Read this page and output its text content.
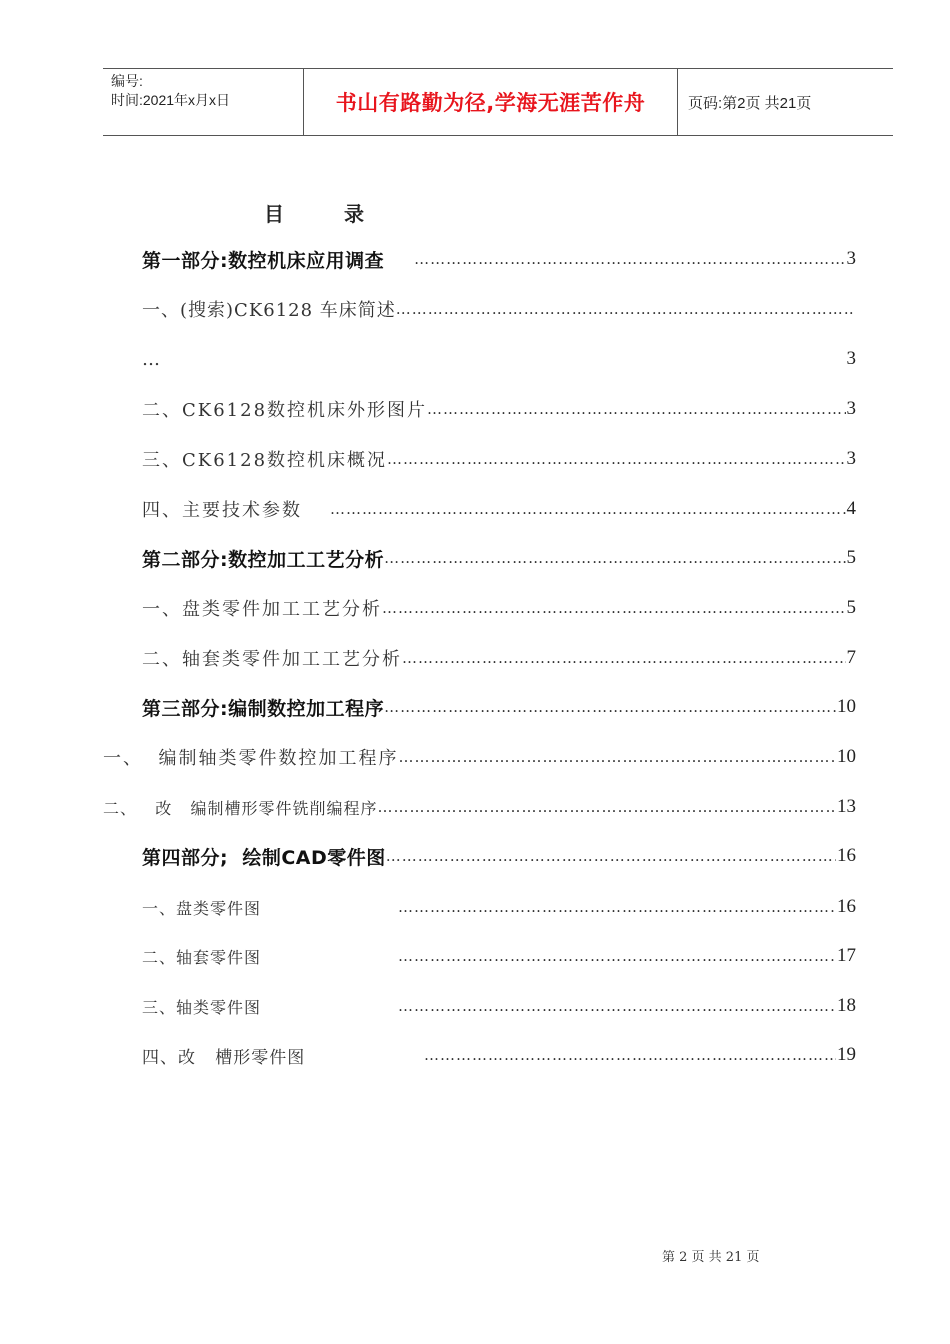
编号:
时间:2021年x月x日	书山有路勤为径,学海无涯苦作舟	页码:第2页 共21页
目	录
第一部分:数控机床应用调查 ……………………………………………………………………………………………………………………………………………	3
一、(搜索)CK6128 车床简述
……………………………………………………………………………………………………………………………………………
…	3
二、CK6128数控机床外形图片 ……………………………………………………………………………………………………………………………………………	3
三、CK6128数控机床概况 ……………………………………………………………………………………………………………………………………………	3
四、主要技术参数 ……………………………………………………………………………………………………………………………………………	4
第二部分:数控加工工艺分析 ……………………………………………………………………………………………………………………………………………	5
一、盘类零件加工工艺分析 ……………………………………………………………………………………………………………………………………………	5
二、轴套类零件加工工艺分析 ……………………………………………………………………………………………………………………………………………	7
第三部分:编制数控加工程序 ……………………………………………………………………………………………………………………………………………	10
一、  编制轴类零件数控加工程序 ……………………………………………………………………………………………………………………………………………	10
二、   改   编制槽形零件铣削编程序 ……………………………………………………………………………………………………………………………………………	13
第四部分;  绘制CAD零件图 ……………………………………………………………………………………………………………………………………………	16
一、盘类零件图 ……………………………………………………………………………………………………………………………………………	16
二、轴套零件图 ……………………………………………………………………………………………………………………………………………	17
三、轴类零件图 ……………………………………………………………………………………………………………………………………………	18
四、改   槽形零件图 ……………………………………………………………………………………………………………………………………………	19
第 2 页 共 21 页
